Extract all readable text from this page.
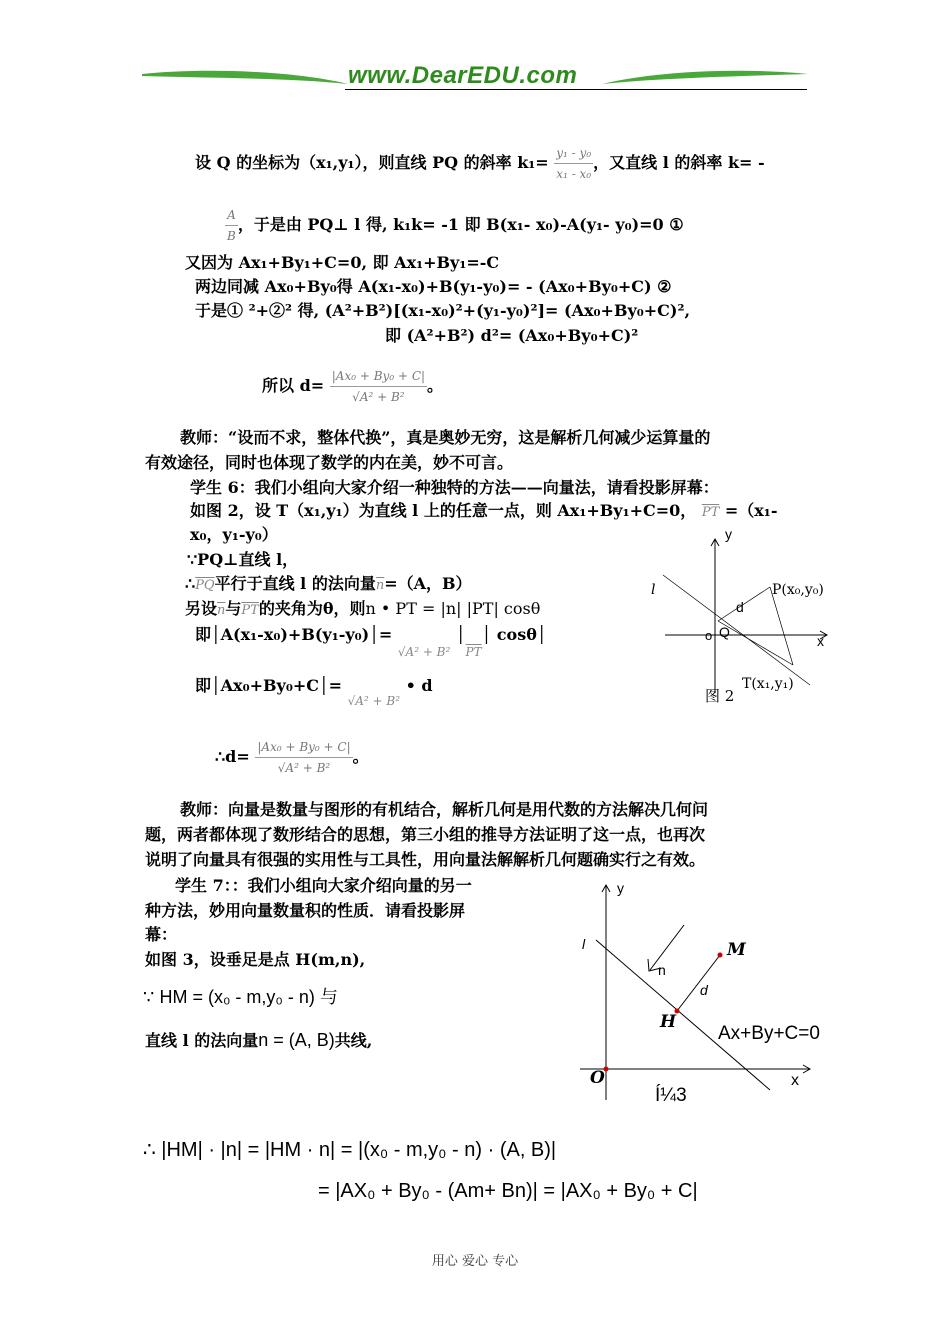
www.DearEDU.com
设 Q 的坐标为（x₁,y₁），则直线 PQ 的斜率 $k_1= \frac{\text{y₁ - y₀}}{\text{x₁ - x₀}}$ ，又直线 l 的斜率 k= -
$\frac{A}{B}$ ，于是由 PQ⊥ l 得, k₁k= -1 即 B(x₁- x₀)-A(y₁- y₀)=0 ①
又因为 Ax₁+By₁+C=0, 即 Ax₁+By₁=-C
两边同减 Ax₀+By₀得 A(x₁-x₀)+B(y₁-y₀)= - (Ax₀+By₀+C) ②
于是① ²+②² 得, (A²+B²)[(x₁-x₀)²+(y₁-y₀)²]= (Ax₀+By₀+C)²,
即 (A²+B²) d²= (Ax₀+By₀+C)²
所以 $d= \frac{\text{|Ax₀ + By₀ + C|}}{\text{√A² + B²}}$ 。
教师：“设而不求，整体代换”，真是奥妙无穷，这是解析几何减少运算量的
有效途径，同时也体现了数学的内在美，妙不可言。
学生 6：我们小组向大家介绍一种独特的方法——向量法，请看投影屏幕：
如图 2，设 T（x₁,y₁）为直线 l 上的任意一点，则 Ax₁+By₁+C=0， $\overline{PT} =(x_1-$
x₀，y₁-y₀）
∵PQ⊥直线 l，
$\therefore\overline{PQ}$平行于直线 l 的法向量$\overline{n}=(A$，B）
另设$\overline{n}$与$\overline{PT}$的夹角为θ，则n • PT = |n| |PT| cosθ
即│A(x₁-x₀)+B(y₁-y₀)│= √A² + B² $│\overline{PT}│$ cosθ│
即│Ax₀+By₀+C│= √A² + B² • d
∴d= $\frac{\text{|Ax₀ + By₀ + C|}}{\text{√A² + B²}}$ 。
y
x
l	P(x₀,y₀)
d
o Q
T(x₁,y₁)
图 2
教师：向量是数量与图形的有机结合，解析几何是用代数的方法解决几何问
题，两者都体现了数形结合的思想，第三小组的推导方法证明了这一点，也再次
说明了向量具有很强的实用性与工具性，用向量法解解析几何题确实行之有效。
学生 7：：我们小组向大家介绍向量的另一
种方法，妙用向量数量积的性质．请看投影屏
幕：
如图 3，设垂足是点 H(m,n),
∵ HM = (x₀ - m,y₀ - n) 与
直线 l 的法向量n = (A, B)共线,
y
x
l
n
M
d
H
Ax+By+C=0
O
Í¼3
∴ |HM| · |n| = |HM · n| = |(x₀ - m,y₀ - n) · (A, B)|
= |AX₀ + By₀ - (Am+ Bn)| = |AX₀ + By₀ + C|
用心 爱心 专心
